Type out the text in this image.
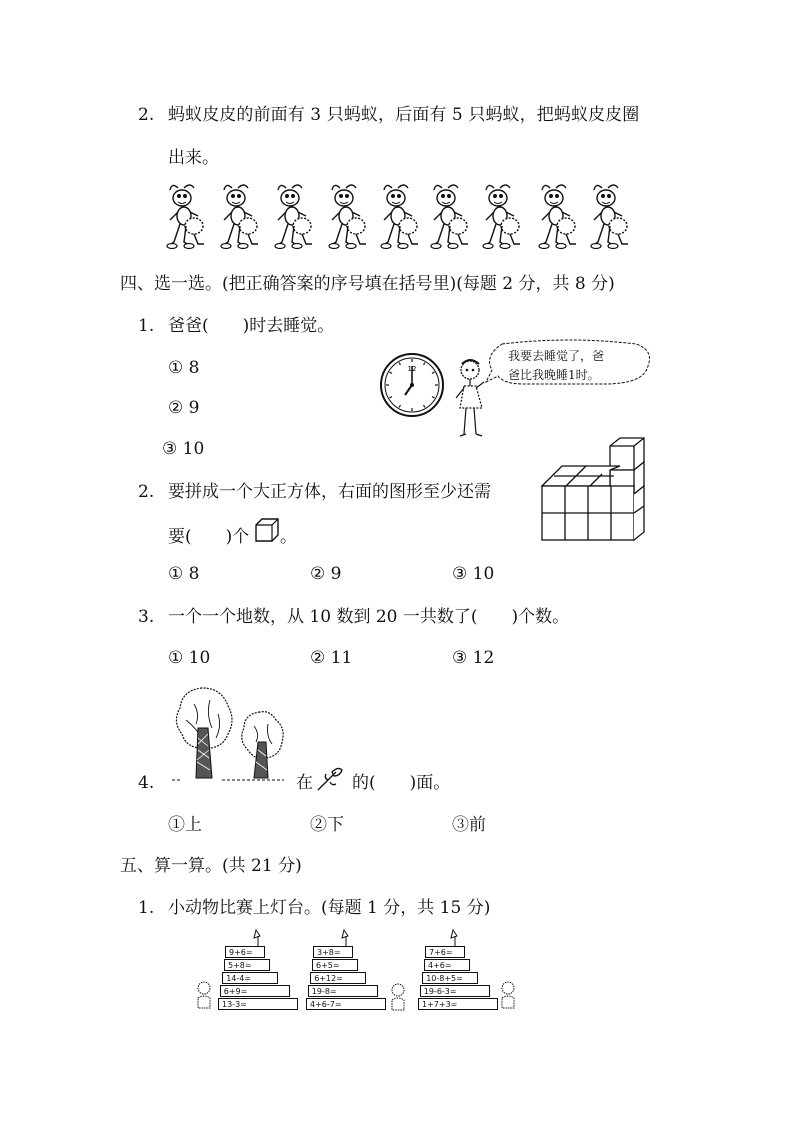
2. 蚂蚁皮皮的前面有 3 只蚂蚁，后面有 5 只蚂蚁，把蚂蚁皮皮圈
出来。
四、选一选。(把正确答案的序号填在括号里)(每题 2 分，共 8 分)
1. 爸爸(　　)时去睡觉。
① 8
② 9
③ 10
12
我要去睡觉了，爸
爸比我晚睡1时。
2. 要拼成一个大正方体，右面的图形至少还需
要(　　)个 。
① 8	② 9	③ 10
3. 一个一个地数，从 10 数到 20 一共数了(　　)个数。
① 10	② 11	③ 12
4.	在 的(　　)面。
①上	②下	③前
五、算一算。(共 21 分)
1. 小动物比赛上灯台。(每题 1 分，共 15 分)
9+6=
5+8=
14-4=
6+9=
13-3=
3+8=
6+5=
6+12=
19-8=
4+6-7=
7+6=
4+6=
10-8+5=
19-6-3=
1+7+3=
